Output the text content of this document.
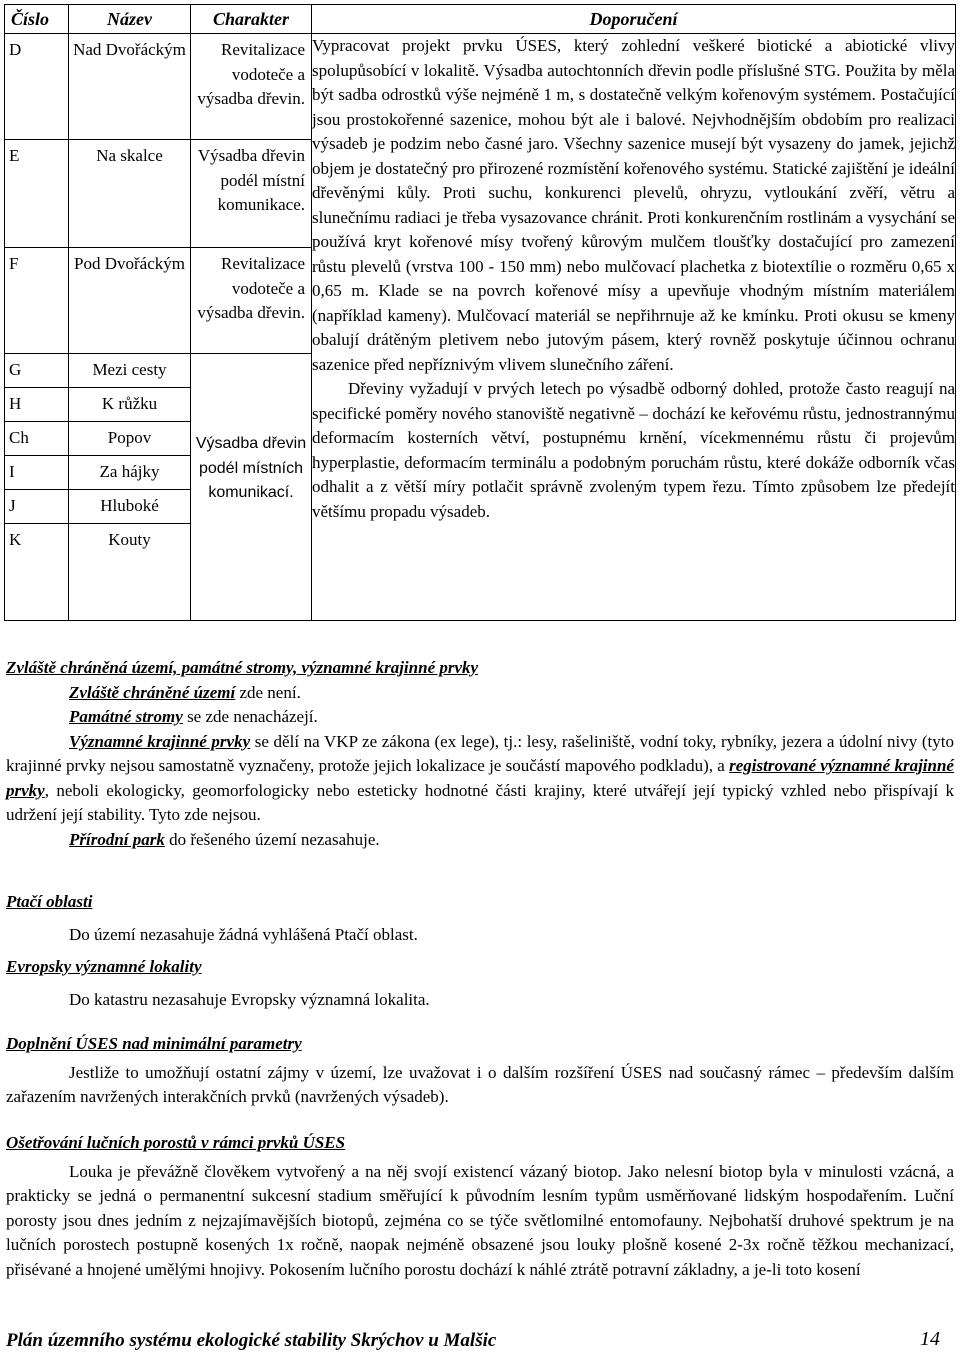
Číslo	Název	Charakter	Doporučení

D	Nad Dvořáckým	Revitalizace vodoteče a výsadba dřevin.	Vypracovat projekt prvku ÚSES, který zohlední veškeré biotické a abiotické vlivy spolupůsobící v lokalitě. Výsadba autochtonních dřevin podle příslušné STG. Použita by měla být sadba odrostků výše nejméně 1 m, s dostatečně velkým kořenovým systémem. Postačující jsou prostokořenné sazenice, mohou být ale i balové. Nejvhodnějším obdobím pro realizaci výsadeb je podzim nebo časné jaro. Všechny sazenice musejí být vysazeny do jamek, jejichž objem je dostatečný pro přirozené rozmístění kořenového systému. Statické zajištění je ideální dřevěnými kůly. Proti suchu, konkurenci plevelů, ohryzu, vytloukání zvěří, větru a slunečnímu radiaci je třeba vysazovance chránit. Proti konkurenčním rostlinám a vysychání se používá kryt kořenové mísy tvořený kůrovým mulčem tloušťky dostačující pro zamezení růstu plevelů (vrstva 100 - 150 mm) nebo mulčovací plachetka z biotextílie o rozměru 0,65 x 0,65 m. Klade se na povrch kořenové mísy a upevňuje vhodným místním materiálem (například kameny). Mulčovací materiál se nepřihrnuje až ke kmínku. Proti okusu se kmeny obalují drátěným pletivem nebo jutovým pásem, který rovněž poskytuje účinnou ochranu sazenice před nepříznivým vlivem slunečního záření.

Dřeviny vyžadují v prvých letech po výsadbě odborný dohled, protože často reagují na specifické poměry nového stanoviště negativně – dochází ke keřovému růstu, jednostrannýmu deformacím kosterních větví, postupnému krnění, vícekmennému růstu či projevům hyperplastie, deformacím terminálu a podobným poruchám růstu, které dokáže odborník včas odhalit a z větší míry potlačit správně zvoleným typem řezu. Tímto způsobem lze předejít většímu propadu výsadeb.

E	Na skalce	Výsadba dřevin podél místní komunikace.	

F	Pod Dvořáckým	Revitalizace vodoteče a výsadba dřevin.	

G	Mezi cesty	Výsadba dřevin podél místních komunikací.	

H	K růžku		

Ch	Popov		

I	Za hájky		

J	Hluboké		

K	Kouty		

Zvláště chráněná území, památné stromy, významné krajinné prvky

Zvláště chráněné území zde není.

Památné stromy se zde nenacházejí.

Významné krajinné prvky se dělí na VKP ze zákona (ex lege), tj.: lesy, rašeliniště, vodní toky, rybníky, jezera a údolní nivy (tyto krajinné prvky nejsou samostatně vyznačeny, protože jejich lokalizace je součástí mapového podkladu), a registrované významné krajinné prvky, neboli ekologicky, geomorfologicky nebo esteticky hodnotné části krajiny, které utvářejí její typický vzhled nebo přispívají k udržení její stability. Tyto zde nejsou.

Přírodní park do řešeného území nezasahuje.

Ptačí oblasti

Do území nezasahuje žádná vyhlášená Ptačí oblast.

Evropsky významné lokality

Do katastru nezasahuje Evropsky významná lokalita.

Doplnění ÚSES nad minimální parametry

Jestliže to umožňují ostatní zájmy v území, lze uvažovat i o dalším rozšíření ÚSES nad současný rámec – především dalším zařazením navržených interakčních prvků (navržených výsadeb).

Ošetřování lučních porostů v rámci prvků ÚSES

Louka je převážně člověkem vytvořený a na něj svojí existencí vázaný biotop. Jako nelesní biotop byla v minulosti vzácná, a prakticky se jedná o permanentní sukcesní stadium směřující k původním lesním typům usměrňované lidským hospodařením. Luční porosty jsou dnes jedním z nejzajímavějších biotopů, zejména co se týče světlomilné entomofauny. Nejbohatší druhové spektrum je na lučních porostech postupně kosených 1x ročně, naopak nejméně obsazené jsou louky plošně kosené 2-3x ročně těžkou mechanizací, přisévané a hnojené umělými hnojivy. Pokosením lučního porostu dochází k náhlé ztrátě potravní základny, a je-li toto kosení

Plán územního systému ekologické stability Skrýchov u Malšic	14
